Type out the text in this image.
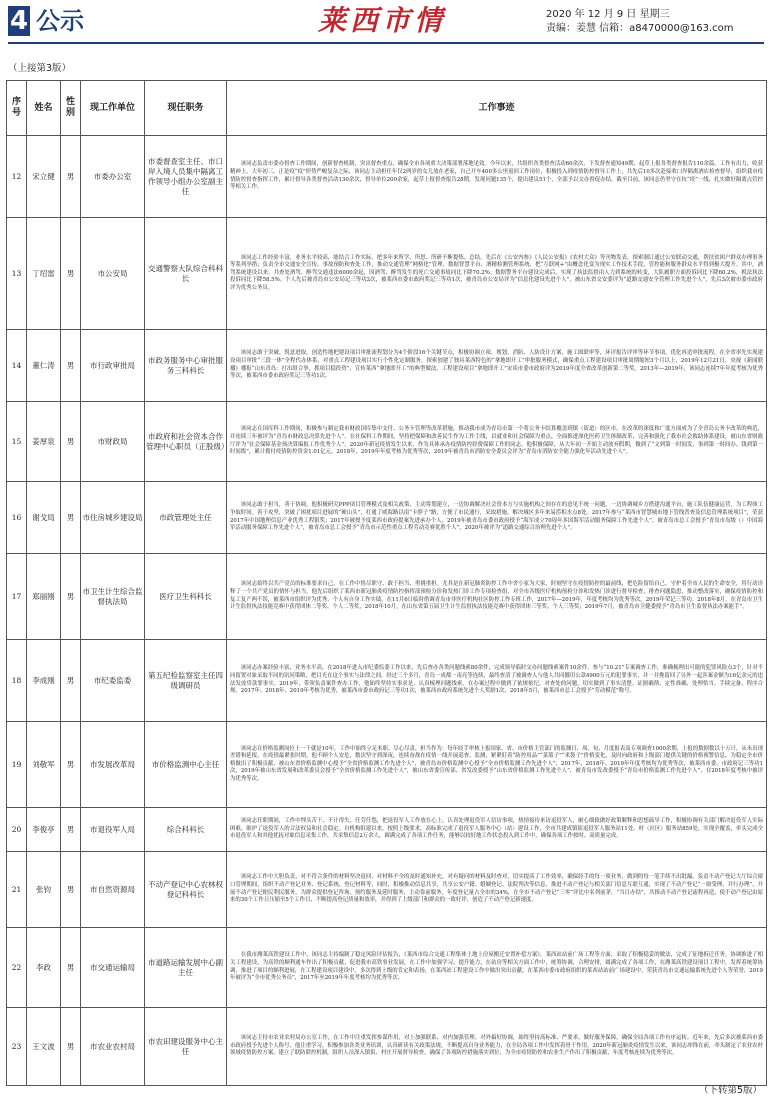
4 公示	莱西市情	2020 年 12 月 9 日 星期三
责编：姜慧 信箱：a8470000@163.com
（上接第3版）
序号	姓名	性别	现工作单位	现任职务	工作事迹
12	宋立健	男	市委办公室	市委督查室主任、市口岸入境人员集中隔离工作领导小组办公室副主任	该同志负责市委办督查工作期间，创新督查机制，突出督查重点，确保全市各项重大决策部署落地见效。今年以来，共组织各类督查活动60余次，下发督查通知49期，起草上报各类督查报告110余篇。工作有出力，收获精神上，大年初三，正是疫“疫”形势严峻复杂之际，该同志主动担任年仅2两岁的女儿放在老家，自己开车400多公里返回工作岗位，积极投入到疫情防控督导工作上，共先后10多次赴接收口岸隔离酒店检查督导，组织我市疫情防控督查指挥工作，累计督导各类督查活动130余次，督导单位200余家，起草上报督查报告28期，发现问题135个，提出建议51个，全部予以交办督促办结。截至目前，该同志仍坚守在抗“疫”一线，扎实做好隔离点管控等相关工作。
13	丁绍雷	男	市公安局	交通警察大队综合科科长	该同志工作经验丰富，业务水平较高，能结合工作实际，把多年来所学、所思、所研不断提炼、总结，先后在《公安内参》《人民公安报》《农村大众》等刊物发表，探索制订通过公安联动交通，帮扶贫困户群众办理事务等系列举措；负责全市交通安全宣传、事故预防和查处工作，推动交通管理“网格化”管理、数据智慧平台、酒精检测管理系统、把“互联网+”由概念化变为现实工作技术手段，管控能和服务群众水平得到极大提升。其中，酒驾系统建设以来，共查处酒驾、醉驾交通违法6000余起，因酒驾、醉驾发生的死亡交通事故同比下降70.2%；数据警务平台建设完成后，实现了执法监督由人力到系统的转变，大队履职方面投诉同比下降60.2%，税法执法投诉同比下降58.5%。个人先后被青岛市公安局记三等功2次，被莱西市委市政府奖记三等功1次，被青岛市公安局评为“信息化建设先进个人”，被山东省交安委评为“道路交通安全管理工作先进个人”，先后3次被市委市政府评为优秀公务员。
14	董仁涛	男	市行政审批局	市政务服务中心审批服务三科科长	该同志敢于突破、锐意进取，创造性地把建设项目审批流程划分为4个阶段16个关键节点，积极协调立项、规划、消防、人防设计方案、施工图联审等，环评报告评审等环节事项，优化再造审批流程，在全省率先实现建设项目审批“三段一体”全程代办体系，对重点工程建设项目实行个性化定制服务，探索创建了独具莱西特色的“拿地即开工”审批服务模式，确保重点工程建设项目审批周期缩短3个月以上，2019年12月21日，央视《新闻联播》播报“山东青岛：打出组合拳，抓项目稳投资”，宣传莱西“拿地即开工”的典型做法。工程建设项目“拿地即开工”宋谈市委市政府评为2019年度全省改革创新第二等奖。2013年—2019年，该同志连续7年年度考核为优秀等次，被莱西市委市政府奖记三等功1次。
15	姜厚泉	男	市财政局	市政府和社会资本合作管理中心职员（正股级）	该同志在国库科工作期间，积极参与制定我市财政国库集中支付、公务卡管理等改革措施，推动我市成为青岛市第一个将公务卡结算覆盖到镇（街道）的区市，在改革的深度和广度方面成为了全青岛公务卡改革的典范，并连续三年被评为“青岛市财政总决算先进个人”。在社保科工作期间，坚持把保障和改善民生作为工作主线，以就业和社会保障为重点，全面推进深化医药卫生体制改革，完善和强化了我市社会救助体系建设，被山东省财政厅评为“社会保障基金预决算编报工作优秀个人”。2020年新冠疫情发生以来，作为具体承办疫情防控经费保障工作的同志，他积极保障，从大年初一开始主动放弃假期，做到了“文到第一时间发、事到第一时间办、钱到第一时间拨”，累计拨付疫情防控资金1.01亿元。2018年、2019年年度考核为优秀等次，2019年被青岛市消防安全委员会评为“青岛市消防安全能力强化年活动先进个人”。
16	谢戈局	男	市住房城乡建设局	市政管理处主任	该同志敢于担当，善于协调，他积极研究PPP项目管理模式及相关政策，主动筹划建立，一边协调解决社会资本方与实施机构之间存在的意见不统一问题，一边协调城乡方搭建沟通平台，施工队伍健康运营，为工程竣工争取时间。善于攻坚，突破了困扰项目进展的“硬山头”，打通了威海路以南“卡脖子”路，方便了市民通行，采取措施，解决城区多年来易涝积水点8处。2017年参与“莱西市智慧城市地下管线普查及信息管理系统项目”，荣获2017年中国地理信息产业优秀工程银奖；2017年被授予度莱西市政府提案先进承办个人，2019年被青岛市委市政府授予“海军成立70周年多国海军活动服务保障工作先进个人”，被青岛市总工会授予“青岛市岛级（）中国海军活动服务保障工作先进个人”，被青岛市总工会授予“青岛市示范性重点工程劳动竞赛优胜个人”，2020年被评为“道路交通综合治理先进个人”。
17	郑丽刚	男	市卫生计生综合监督执法局	医疗卫生科科长	该同志始终以共产党员的标准要求自己，在工作中恪尽职守、敢于担当、勇挑重担。尤其是在新冠肺炎防控工作中舍小家为大家，时刻坚守在疫情防控的最前线，把危险留给自己，守护着全市人民的生命安全，用行动诠释了一个共产党员的情怀与担当。他先后组织了莱西市新冠肺炎疫情防控指挥部预检分诊和发热门诊工作专项检查组，对全市各级医疗机构预检分诊和发热门诊进行督导检查，排查问题隐患，推动整改落实，确保疫情防控和复工复产两不误，被莱西市组织评为优秀，个人有自身工作实绩，在11月6日临时借调青岛市非医疗机构社区防控工作专班工作，2017年—2019年，年度考核均为优秀等次，2019年荣记三等功。2018年8月，在青岛市卫生计生监督执法技能竞赛中获得团体二等奖、个人二等奖，2018年10月，在山东省第五届卫生计生监督执法技能竞赛中获得团体三等奖、个人三等奖；2019年7月，被青岛市卫健委授予“青岛市卫生监督执法办案能手”。
18	李成刚	男	市纪委监委	第五纪检监察室主任四级调研员	该同志办案经验丰富，业务水平高。在2018年进入市纪委监委工作以来，先后查办各类问题线索80余件，完成领导临时交办问题线索案件10余件。参与“10.21”专案调查工作，准确梳理出可能的犯罪风险点3个，针对不同留置对象采取不同的讯问策略，把目光在这个事实与法律之间，经过三个多月，青岛一成都一南亮等连续，最终查清了被调查人与他人共同挪用公款4900万元的犯罪事实，并一并挽留回了另外一起涉案金额为16亿余元的违法发放贷款罪事实。2019年，带领负责案件查办工作，他始终坚持实事求是，认真梳理问题线索，在办案过程中做到了依规依纪，对查处的问题，切实做到了事实清楚、证据确凿、定性准确、处理恰当、手续完备、程序合规。2017年、2018年、2019年考核为优秀，被莱西市委市政府记三等功1次，被莱西市政府系统先进个人奖励1次，2018年5月，被莱西市总工会授予“劳动模范”称号。
19	刘敬军	男	市发展改革局	市价格监测中心主任	该同志在价格监测岗位上一干就是10年，工作中始终立足本职、尽心尽责、担当作为：每年经手审核上报国家、省、市价格主管部门的监测日、周、旬、月度报表及专项调查1000余期，上报的数据数以十万计，从未出现差错和延报。在疫情最紧张时期，他不顾个人安危，数次坚守到深夜，连续奋战在疫情一线开展巡查、监测，紧紧盯着“防控用品”“菜篮子”“米袋子”价格变化，及时向政府和上级部门提供关键的价格预警信息，为稳定全市价格做出了积极贡献，被山东省价格监测中心授予“全省价格监测工作先进个人”，被青岛市价格监测中心授予“全市价格监测工作先进个人”，2017年、2018年、2019年年度考核均为优秀等次，被莱西市委、市政府记三等功1次，2019年被山东省发展和改革委员会授予“全省价格监测工作先进个人”，被山东省委宣传部、省发改委授予“山东省价格监测工作先进个人”，被青岛市发改委授予“青岛市价格监测工作先进个人”，在2018年度考核中被评为优秀等次。
20	李俊亭	男	市退役军人局	综合科科长	该同志任职期间，工作中埋头苦干、不计得失、任劳任怨，把退役军人工作放在心上，认真处理退役军人信访事项，热情接待来访退役军人，耐心细致做好政策解释和思想疏导工作，积极协调有关部门解决退役军人实际困难，维护了退役军人的合法权益和社会稳定。自机构组建以来，按照上级要求，高标准完成了退役军人服务中心（站）建设工作，全市共建成镇街退役军人服务站11处、村（社区）服务站859处，实现全覆盖，牵头完成全市退役军人和其他优抚对象信息采集工作，共采集信息2万余人，圆满完成了各项工作任务，能够以较好地工作状态投入到工作中，确保各项工作按时、高质量完成。
21	张钧	男	市自然资源局	不动产登记中心农林权登记科科长	该同志工作中大胆负责，对不符合条件的材料坚决退回，对材料不全的及时通知补充，对有疑问的材料及时查对，切实提高了工作效率，确保经手的每一项业务，做到的每一笔手续不出纰漏。负责不动产登记大厅综合窗口管理期间，组织不动产登记业务、登记系统、登记材料等，同时，积极推动信息共享，共享公安户籍、婚姻登记、法院判决等信息，推进不动产登记与相关部门信息互联互通，实现了不动产登记“一窗受理、并行办理”，开展不动产登记便民利民服务，为群众提供登记咨询、预约服务及延时服务，主动靠前服务，年度登记量占全市的34%，在全市不动产登记“三零”评比中名列前茅，“当日办结”，共推动不动产登记流程再造，使不动产登记由原来的30个工作日压缩至5个工作日，不断提高登记质量和效率，并得到了上级部门和群众的一致好评，创造了不动产登记新速度。
22	李政	男	市交通运输局	市道路运输发展中心副主任	在我市潍莱高铁建设工作中，该同志主持编制了稳定风险评估报告，《莱西市综合交通工程集体土地上房屋搬迁安置补偿方案》，莱西站站前广场工程等方面，采取了积极稳妥的做法，完成了征地拆迁任务，协调推进了相关工程建设，为高铁的顺利通车作出了积极贡献，促进我市高铁事业发展，在工作中加强学习、提升能力，在站房等相关方面工作中，统筹协调，合理安排，圆满完成了各项工作，在潍莱高铁建设项目工程中，发挥着统筹协调，推进了项目的顺利进展，在工程建设项目建设中，多次得到上级的肯定和表扬，在莱西站工程建设工作中做出突出贡献，在莱西市委市政府组织的莱西站站前广场建设中，荣获青岛市交通运输系统先进个人等荣誉，2019年被评为“全市优秀公务员”，2017年至2019年年度考核均为优秀等次。
23	王文波	男	市农业农村局	市农田建设服务中心主任	该同志主持市农业农村局办公室工作，在工作中注重发挥参谋作用，对上加强联系、对内加强管理、对外搞好协调，始终坚持高标准、严要求，做好服务保障，确保全局各项工作有序运转。近年来，先后多次被莱西市委市政府授予先进个人称号，他注重学习，积极参加各类业务培训，认真研读有关政策法规，不断提高自身业务能力，在全局各项工作中发挥着骨干作用。2020年新冠肺炎疫情发生以来，该同志冲锋在前，牵头制定了农业农村领域疫情防控方案，建立了联防联控机制，组织人员深入镇街、村庄开展督导检查，确保了各项防控措施落实到位，为全市疫情防控和农业生产作出了积极贡献，年度考核连续为优秀等次。
（下转第5版）
